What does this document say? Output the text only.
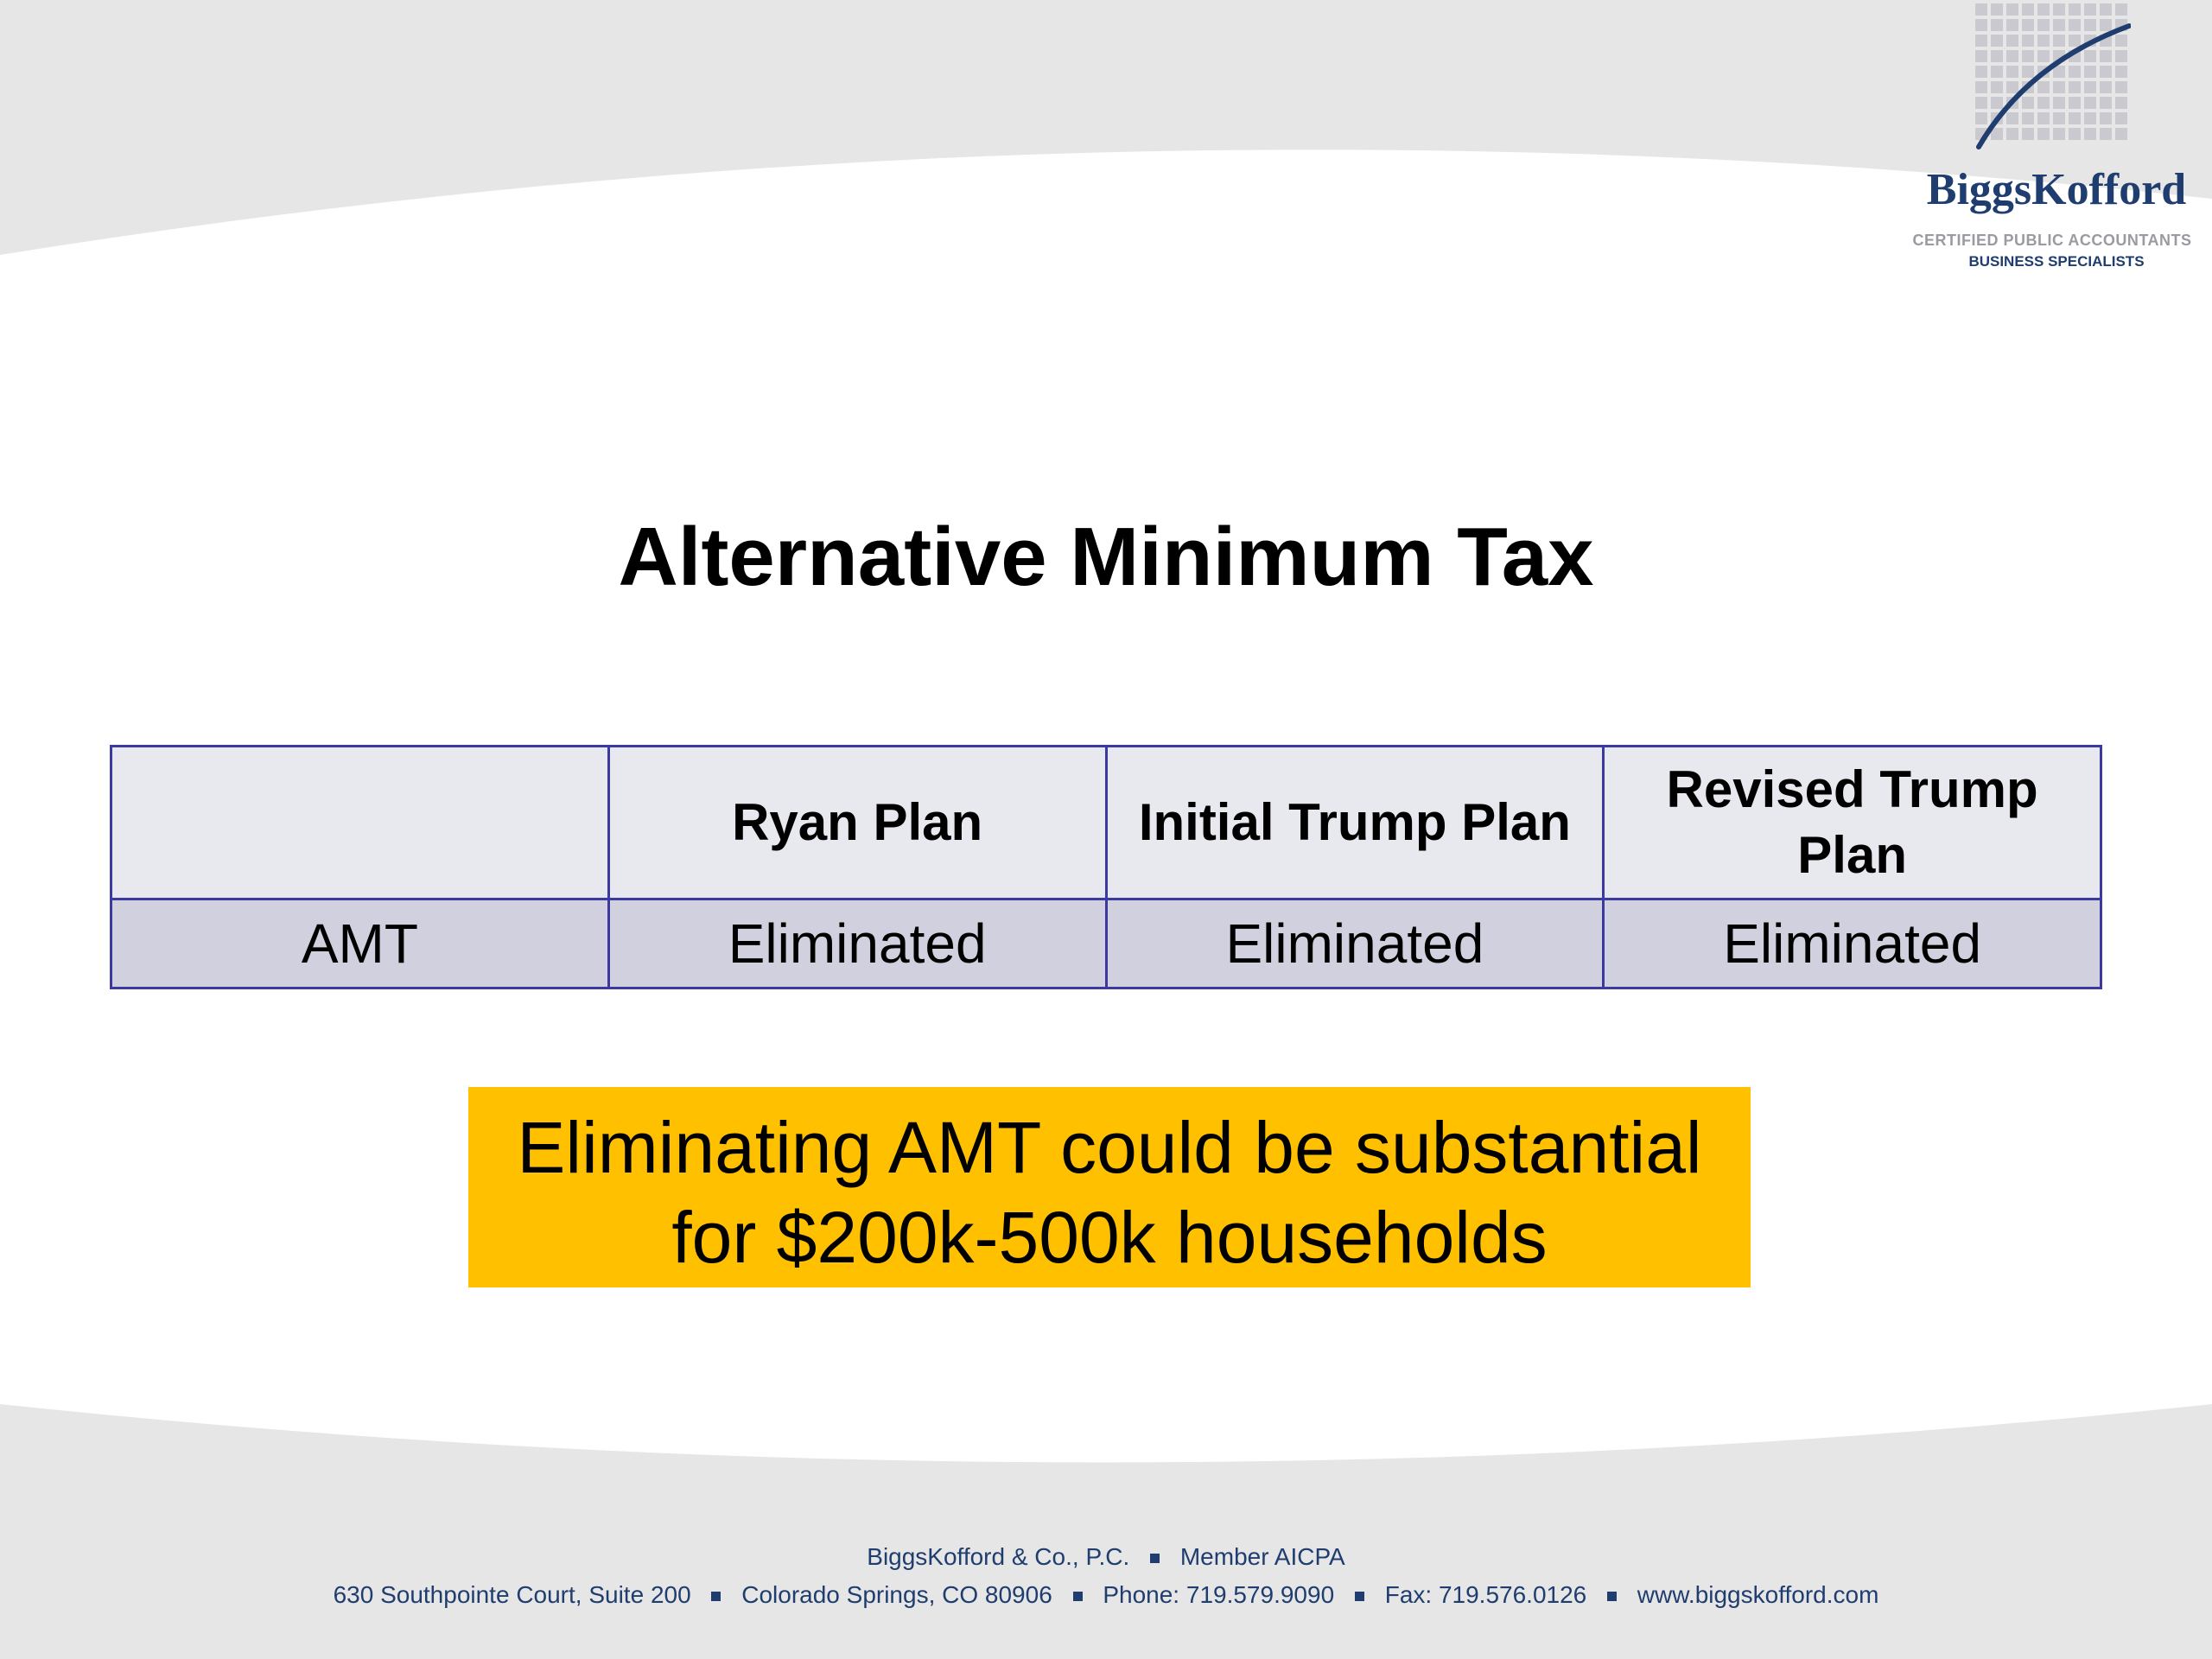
BiggsKofford
CERTIFIED PUBLIC ACCOUNTANTS
BUSINESS SPECIALISTS
Alternative Minimum Tax
	Ryan Plan	Initial Trump Plan	Revised Trump Plan
AMT	Eliminated	Eliminated	Eliminated
Eliminating AMT could be substantial
for $200k-500k households
BiggsKofford & Co., P.C. Member AICPA
630 Southpointe Court, Suite 200 Colorado Springs, CO 80906 Phone: 719.579.9090 Fax: 719.576.0126 www.biggskofford.com
